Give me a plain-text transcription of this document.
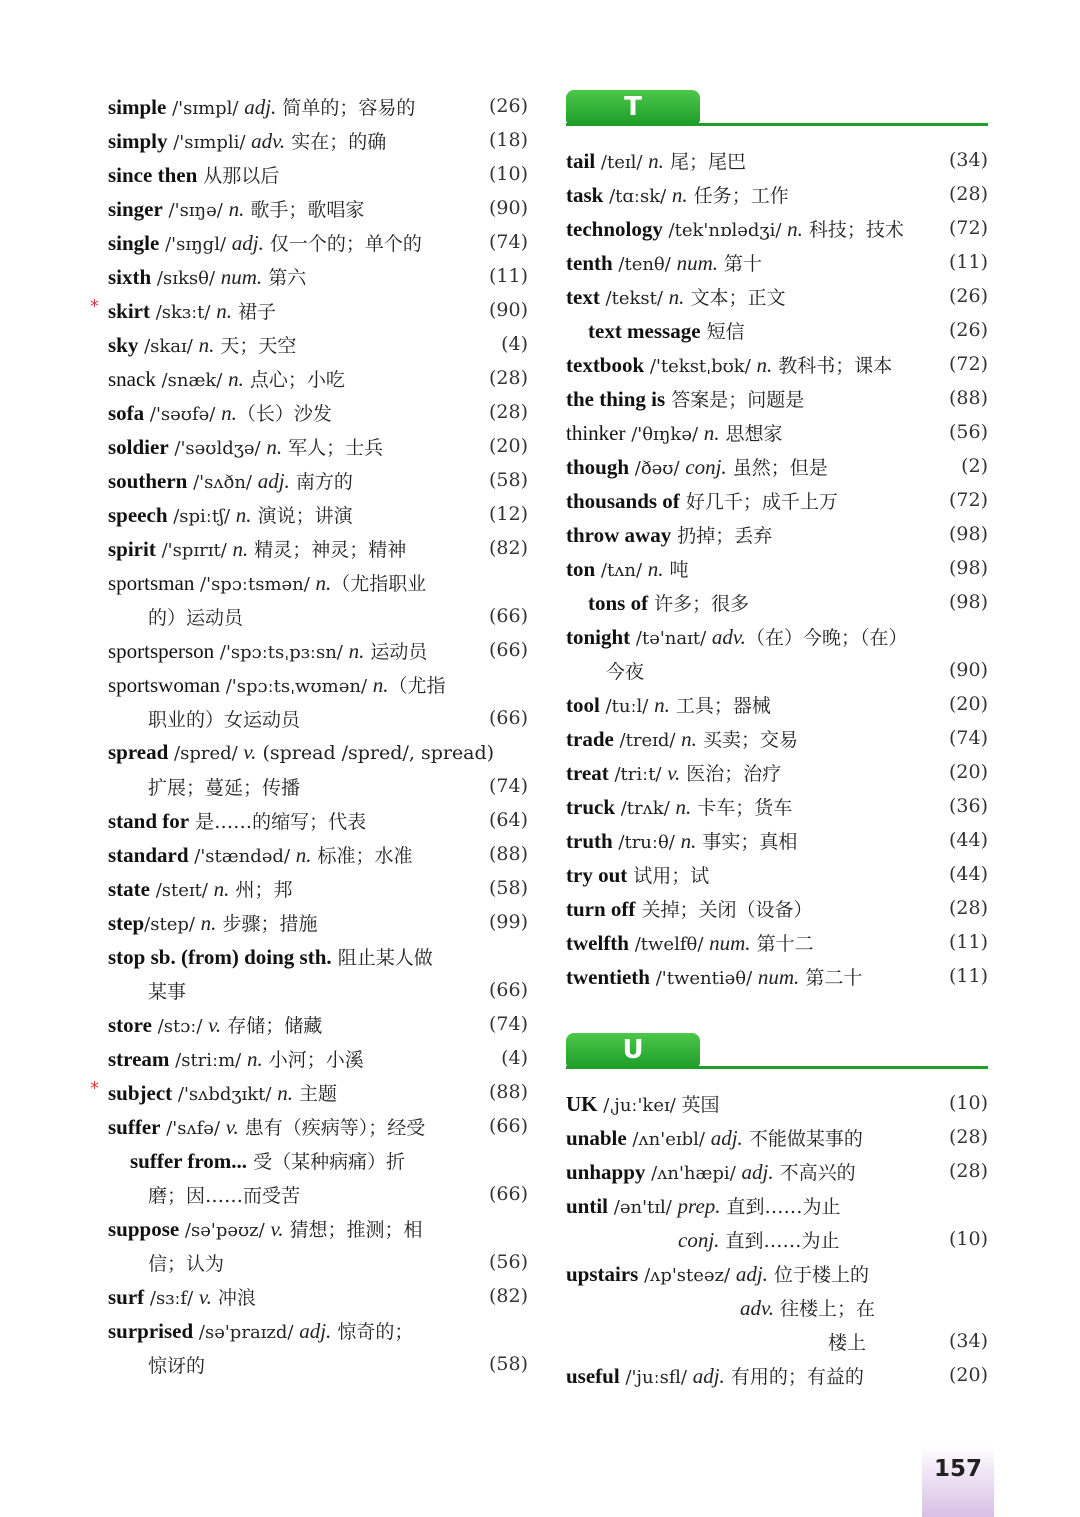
simple /'sɪmpl/ adj. 简单的；容易的	(26)
simply /'sɪmpli/ adv. 实在；的确	(18)
since then 从那以后	(10)
singer /'sɪŋə/ n. 歌手；歌唱家	(90)
single /'sɪŋgl/ adj. 仅一个的；单个的	(74)
sixth /sɪksθ/ num. 第六	(11)
* skirt /skɜːt/ n. 裙子	(90)
sky /skaɪ/ n. 天；天空	(4)
snack /snæk/ n. 点心；小吃	(28)
sofa /'səʊfə/ n.（长）沙发	(28)
soldier /'səʊldʒə/ n. 军人；士兵	(20)
southern /'sʌðn/ adj. 南方的	(58)
speech /spiːtʃ/ n. 演说；讲演	(12)
spirit /'spɪrɪt/ n. 精灵；神灵；精神	(82)
sportsman /'spɔːtsmən/ n.（尤指职业
的）运动员	(66)
sportsperson /'spɔːtsˌpɜːsn/ n. 运动员	(66)
sportswoman /'spɔːtsˌwʊmən/ n.（尤指
职业的）女运动员	(66)
spread /spred/ v. (spread /spred/, spread)
扩展；蔓延；传播	(74)
stand for 是……的缩写；代表	(64)
standard /'stændəd/ n. 标准；水准	(88)
state /steɪt/ n. 州；邦	(58)
step/step/ n. 步骤；措施	(99)
stop sb. (from) doing sth. 阻止某人做
某事	(66)
store /stɔː/ v. 存储；储藏	(74)
stream /striːm/ n. 小河；小溪	(4)
* subject /'sʌbdʒɪkt/ n. 主题	(88)
suffer /'sʌfə/ v. 患有（疾病等）；经受	(66)
suffer from... 受（某种病痛）折
磨；因……而受苦	(66)
suppose /sə'pəʊz/ v. 猜想；推测；相
信；认为	(56)
surf /sɜːf/ v. 冲浪	(82)
surprised /sə'praɪzd/ adj. 惊奇的；
惊讶的	(58)
T
U
tail /teɪl/ n. 尾；尾巴	(34)
task /tɑːsk/ n. 任务；工作	(28)
technology /tek'nɒlədʒi/ n. 科技；技术	(72)
tenth /tenθ/ num. 第十	(11)
text /tekst/ n. 文本；正文	(26)
text message 短信	(26)
textbook /'tekstˌbʊk/ n. 教科书；课本	(72)
the thing is 答案是；问题是	(88)
thinker /'θɪŋkə/ n. 思想家	(56)
though /ðəʊ/ conj. 虽然；但是	(2)
thousands of 好几千；成千上万	(72)
throw away 扔掉；丢弃	(98)
ton /tʌn/ n. 吨	(98)
tons of 许多；很多	(98)
tonight /tə'naɪt/ adv.（在）今晚；（在）
今夜	(90)
tool /tuːl/ n. 工具；器械	(20)
trade /treɪd/ n. 买卖；交易	(74)
treat /triːt/ v. 医治；治疗	(20)
truck /trʌk/ n. 卡车；货车	(36)
truth /truːθ/ n. 事实；真相	(44)
try out 试用；试	(44)
turn off 关掉；关闭（设备）	(28)
twelfth /twelfθ/ num. 第十二	(11)
twentieth /'twentiəθ/ num. 第二十	(11)
UK /ˌjuː'keɪ/ 英国	(10)
unable /ʌn'eɪbl/ adj. 不能做某事的	(28)
unhappy /ʌn'hæpi/ adj. 不高兴的	(28)
until /ən'tɪl/ prep. 直到……为止
conj. 直到……为止	(10)
upstairs /ʌp'steəz/ adj. 位于楼上的
adv. 往楼上；在
楼上	(34)
useful /'juːsfl/ adj. 有用的；有益的	(20)
157
